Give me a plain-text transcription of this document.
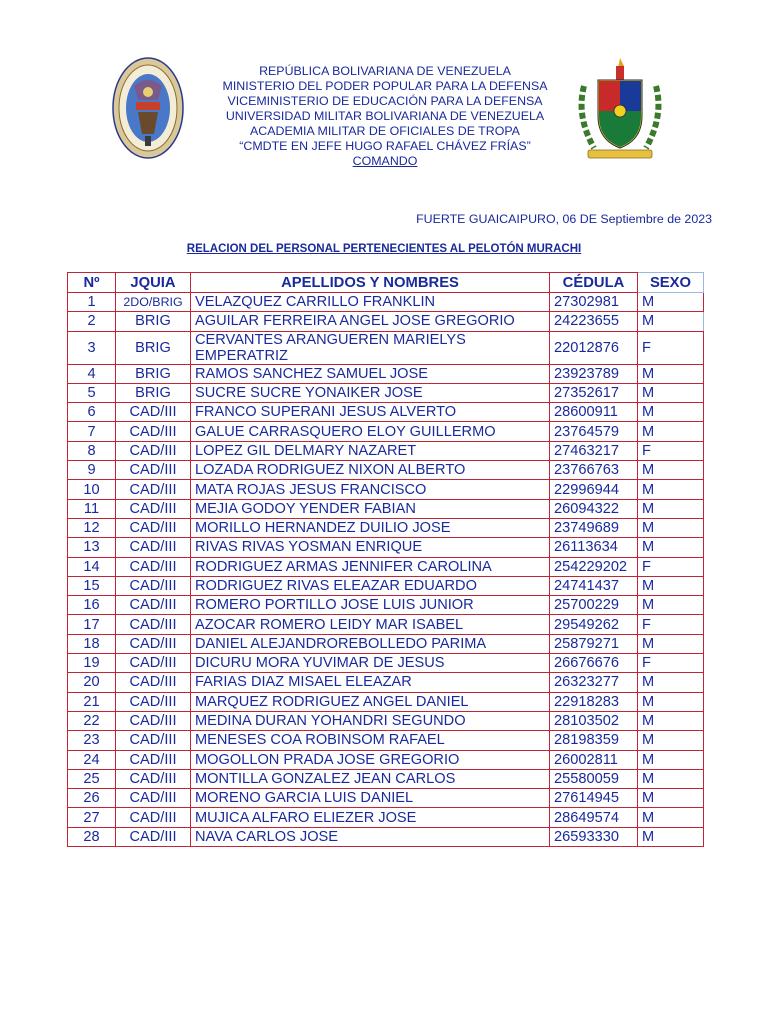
REPÚBLICA BOLIVARIANA DE VENEZUELA
MINISTERIO DEL PODER POPULAR PARA LA DEFENSA
VICEMINISTERIO DE EDUCACIÓN PARA LA DEFENSA
UNIVERSIDAD MILITAR BOLIVARIANA DE VENEZUELA
ACADEMIA MILITAR DE OFICIALES DE TROPA
“CMDTE EN JEFE HUGO RAFAEL CHÁVEZ FRÍAS”
COMANDO
FUERTE GUAICAIPURO, 06 DE Septiembre de 2023
RELACION DEL PERSONAL PERTENECIENTES AL PELOTÓN MURACHI
Nº	JQUIA	APELLIDOS Y NOMBRES	CÉDULA	SEXO
1	2DO/BRIG	VELAZQUEZ CARRILLO FRANKLIN	27302981	M
2	BRIG	AGUILAR FERREIRA ANGEL JOSE GREGORIO	24223655	M
3	BRIG	CERVANTES ARANGUEREN MARIELYS EMPERATRIZ	22012876	F
4	BRIG	RAMOS SANCHEZ SAMUEL JOSE	23923789	M
5	BRIG	SUCRE SUCRE YONAIKER JOSE	27352617	M
6	CAD/III	FRANCO SUPERANI JESUS ALVERTO	28600911	M
7	CAD/III	GALUE CARRASQUERO ELOY GUILLERMO	23764579	M
8	CAD/III	LOPEZ GIL DELMARY NAZARET	27463217	F
9	CAD/III	LOZADA RODRIGUEZ NIXON ALBERTO	23766763	M
10	CAD/III	MATA ROJAS JESUS FRANCISCO	22996944	M
11	CAD/III	MEJIA GODOY YENDER FABIAN	26094322	M
12	CAD/III	MORILLO HERNANDEZ DUILIO JOSE	23749689	M
13	CAD/III	RIVAS RIVAS YOSMAN ENRIQUE	26113634	M
14	CAD/III	RODRIGUEZ ARMAS JENNIFER CAROLINA	254229202	F
15	CAD/III	RODRIGUEZ RIVAS ELEAZAR EDUARDO	24741437	M
16	CAD/III	ROMERO PORTILLO JOSE LUIS JUNIOR	25700229	M
17	CAD/III	AZOCAR ROMERO LEIDY MAR ISABEL	29549262	F
18	CAD/III	DANIEL ALEJANDROREBOLLEDO PARIMA	25879271	M
19	CAD/III	DICURU MORA YUVIMAR DE JESUS	26676676	F
20	CAD/III	FARIAS DIAZ MISAEL ELEAZAR	26323277	M
21	CAD/III	MARQUEZ RODRIGUEZ ANGEL DANIEL	22918283	M
22	CAD/III	MEDINA DURAN YOHANDRI SEGUNDO	28103502	M
23	CAD/III	MENESES COA ROBINSOM RAFAEL	28198359	M
24	CAD/III	MOGOLLON PRADA JOSE GREGORIO	26002811	M
25	CAD/III	MONTILLA GONZALEZ JEAN CARLOS	25580059	M
26	CAD/III	MORENO GARCIA LUIS DANIEL	27614945	M
27	CAD/III	MUJICA ALFARO ELIEZER JOSE	28649574	M
28	CAD/III	NAVA CARLOS JOSE	26593330	M
